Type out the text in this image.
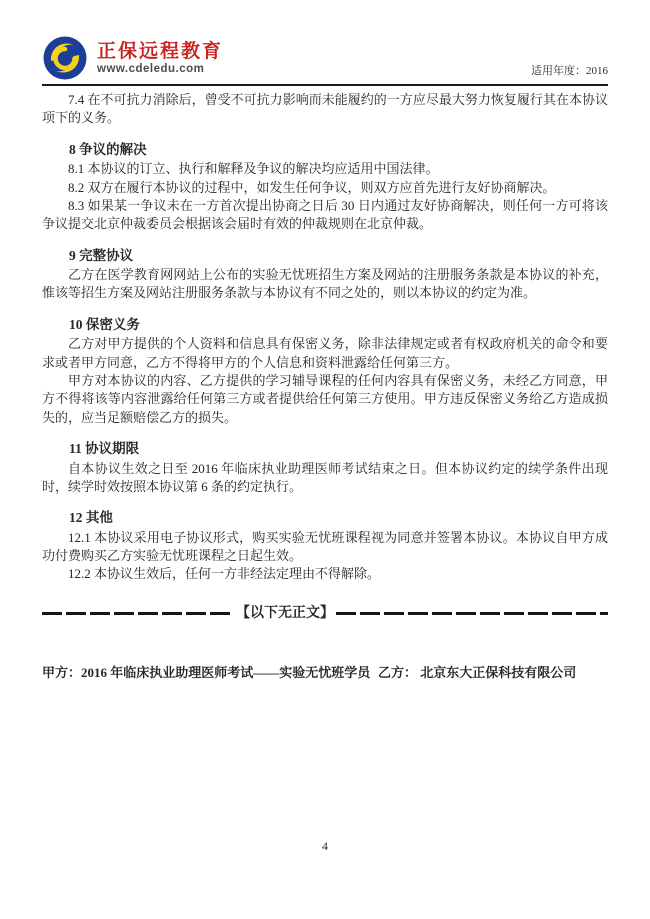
正保远程教育
www.cdeledu.com	适用年度：2016

7.4 在不可抗力消除后，曾受不可抗力影响而未能履约的一方应尽最大努力恢复履行其在本协议项下的义务。

8 争议的解决

8.1 本协议的订立、执行和解释及争议的解决均应适用中国法律。

8.2 双方在履行本协议的过程中，如发生任何争议，则双方应首先进行友好协商解决。

8.3 如果某一争议未在一方首次提出协商之日后 30 日内通过友好协商解决，则任何一方可将该争议提交北京仲裁委员会根据该会届时有效的仲裁规则在北京仲裁。

9 完整协议

乙方在医学教育网网站上公布的实验无忧班招生方案及网站的注册服务条款是本协议的补充，惟该等招生方案及网站注册服务条款与本协议有不同之处的，则以本协议的约定为准。

10 保密义务

乙方对甲方提供的个人资料和信息具有保密义务，除非法律规定或者有权政府机关的命令和要求或者甲方同意，乙方不得将甲方的个人信息和资料泄露给任何第三方。

甲方对本协议的内容、乙方提供的学习辅导课程的任何内容具有保密义务，未经乙方同意，甲方不得将该等内容泄露给任何第三方或者提供给任何第三方使用。甲方违反保密义务给乙方造成损失的，应当足额赔偿乙方的损失。

11 协议期限

自本协议生效之日至 2016 年临床执业助理医师考试结束之日。但本协议约定的续学条件出现时，续学时效按照本协议第 6 条的约定执行。

12 其他

12.1 本协议采用电子协议形式，购买实验无忧班课程视为同意并签署本协议。本协议自甲方成功付费购买乙方实验无忧班课程之日起生效。

12.2 本协议生效后，任何一方非经法定理由不得解除。

【以下无正文】
甲方：2016 年临床执业助理医师考试——实验无忧班学员 乙方： 北京东大正保科技有限公司
4
